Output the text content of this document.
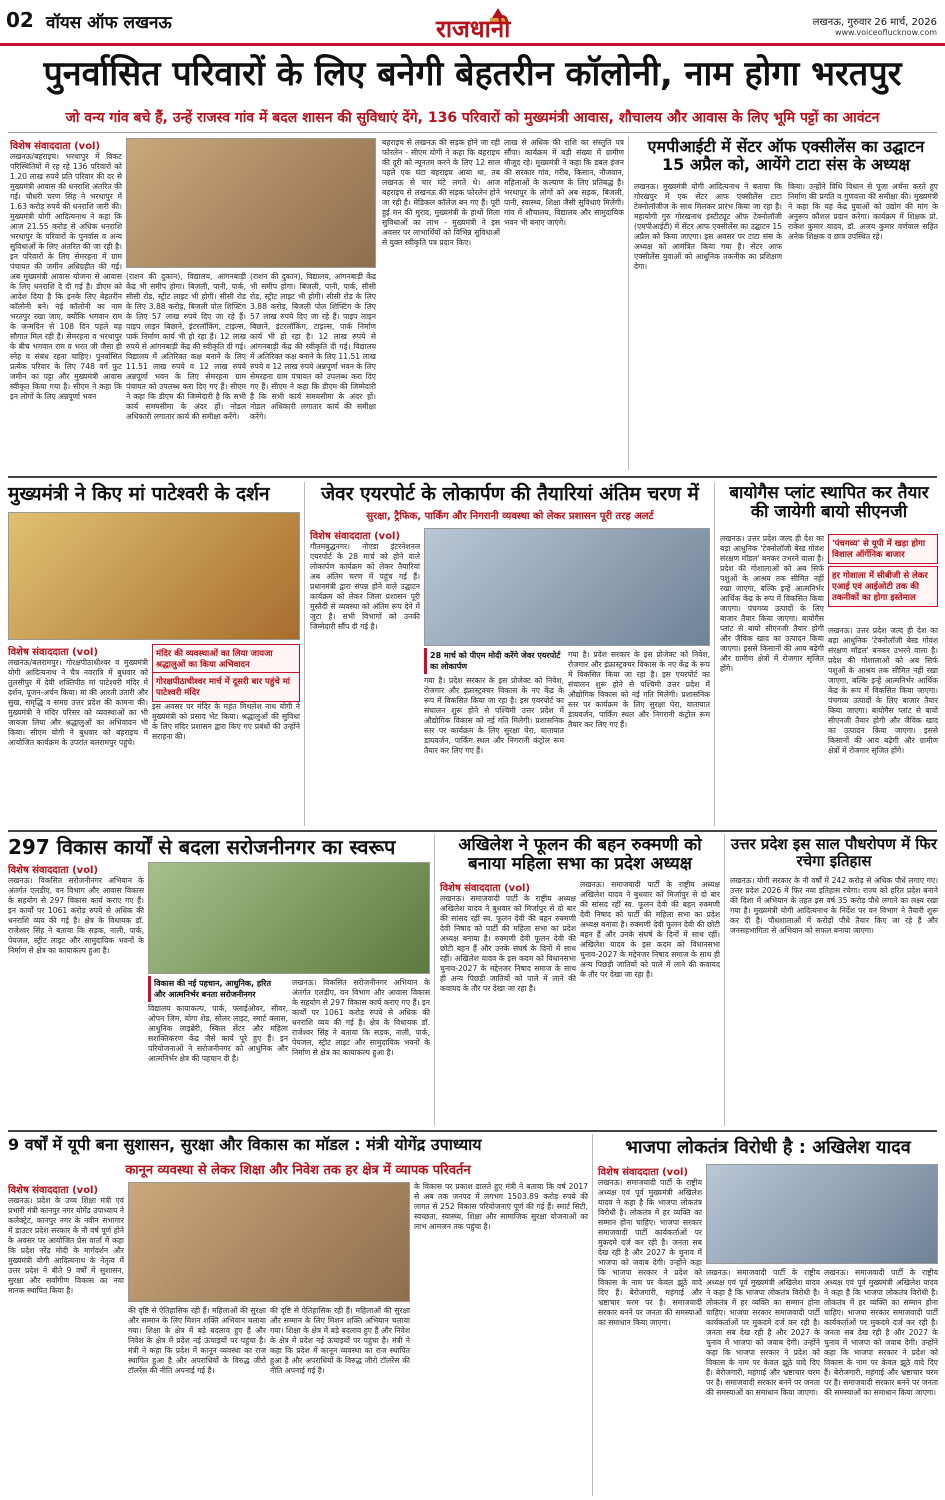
02 वॉयस ऑफ लखनऊ	राजधानी	लखनऊ, गुरुवार 26 मार्च, 2026
www.voiceoflucknow.com
पुनर्वासित परिवारों के लिए बनेगी बेहतरीन कॉलोनी, नाम होगा भरतपुर
जो वन्य गांव बचे हैं, उन्हें राजस्व गांव में बदल शासन की सुविधाएं देंगे, 136 परिवारों को मुख्यमंत्री आवास, शौचालय और आवास के लिए भूमि पट्टों का आवंटन
विशेष संवाददाता (vol)
लखनऊ/बहराइच। भरथापुर में विकट परिस्थितियों में रह रहे 136 परिवारों को 1.20 लाख रुपये प्रति परिवार की दर से मुख्यमंत्री आवास की धनराशि अंतरित की गई। चौधरी चरण सिंह ने भरथापुर में 1.63 करोड़ रुपये की धनराशि जारी की। मुख्यमंत्री योगी आदित्यनाथ ने कहा कि आज 21.55 करोड़ से अधिक धनराशि भरथापुर के परिवारों के पुनर्वास व अन्य सुविधाओं के लिए अंतरित की जा रही है। इन परिवारों के लिए सेमरहना में ग्राम पंचायत की जमीन अधिग्रहीत की गई। अब मुख्यमंत्री आवास योजना से आवास के लिए धनराशि दे दी गई है। डीएम को आदेश दिया है कि इनके लिए बेहतरीन कॉलोनी बने। नई कॉलोनी का नाम भरतपुर रखा जाए, क्योंकि भगवान राम के जन्मदिन से 108 दिन पहले यह सौगात मिल रही है। सेमरहना व भरथापुर के बीच भगवान राम व भरत जी जैसा ही स्नेह व संबंध रहना चाहिए। पुनर्वासित प्रत्येक परिवार के लिए 748 वर्ग फुट जमीन का पट्टा और मुख्यमंत्री आवास स्वीकृत किया गया है। सीएम ने कहा कि इन लोगों के लिए अन्नपूर्णा भवन
(राशन की दुकान), विद्यालय, आंगनबाड़ी केंद्र भी समीप होगा। बिजली, पानी, पार्क, सीसी रोड, स्ट्रीट लाइट भी होगी। सीसी रोड के लिए 3.88 करोड़, बिजली पोल शिफ्टिंग के लिए 57 लाख रुपये दिए जा रहे हैं। पाइप लाइन बिछाने, इंटरलॉकिंग, टाइल्स, पार्क निर्माण कार्य भी हो रहा है। 12 लाख रुपये से आंगनबाड़ी केंद्र की स्वीकृति दी गई। विद्यालय में अतिरिक्त कक्ष बनाने के लिए 11.51 लाख रुपये व 12 लाख रुपये अन्नपूर्णा भवन के लिए सेमरहना ग्राम पंचायत को उपलब्ध करा दिए गए हैं। सीएम ने कहा कि डीएम की जिम्मेदारी है कि सभी कार्य समयसीमा के अंदर हों। नोडल अधिकारी लगातार कार्य की समीक्षा करेंगे।
(राशन की दुकान), विद्यालय, आंगनबाड़ी केंद्र भी समीप होगा। बिजली, पानी, पार्क, सीसी रोड, स्ट्रीट लाइट भी होगी। सीसी रोड के लिए 3.88 करोड़, बिजली पोल शिफ्टिंग के लिए 57 लाख रुपये दिए जा रहे हैं। पाइप लाइन बिछाने, इंटरलॉकिंग, टाइल्स, पार्क निर्माण कार्य भी हो रहा है। 12 लाख रुपये से आंगनबाड़ी केंद्र की स्वीकृति दी गई। विद्यालय में अतिरिक्त कक्ष बनाने के लिए 11.51 लाख रुपये व 12 लाख रुपये अन्नपूर्णा भवन के लिए सेमरहना ग्राम पंचायत को उपलब्ध करा दिए गए हैं। सीएम ने कहा कि डीएम की जिम्मेदारी है कि सभी कार्य समयसीमा के अंदर हों। नोडल अधिकारी लगातार कार्य की समीक्षा करेंगे।
बहराइच से लखनऊ की सड़क होने जा रही फोरलेन - सीएम योगी ने कहा कि बहराइच की दूरी को न्यूनतम करने के लिए 12 साल पहले एक घंटा बहराइच आया था, तब लखनऊ से चार घंटे लगते थे। आज बहराइच से लखनऊ की सड़क फोरलेन होने जा रही है। मेडिकल कॉलेज बन गए हैं। पूरी हुई मन की मुराद, मुख्यमंत्री के हाथों मिला सुविधाओं का लाभ - मुख्यमंत्री ने इस अवसर पर लाभार्थियों को विभिन्न सुविधाओं से युक्त स्वीकृति पत्र प्रदान किए।
लाख से अधिक की राशि का संस्तुति पत्र सौंपा। कार्यक्रम में बड़ी संख्या में ग्रामीण मौजूद रहे। मुख्यमंत्री ने कहा कि डबल इंजन की सरकार गांव, गरीब, किसान, नौजवान, महिलाओं के कल्याण के लिए प्रतिबद्ध है। भरथापुर के लोगों को अब सड़क, बिजली, पानी, स्वास्थ्य, शिक्षा जैसी सुविधाएं मिलेंगी। गांव में शौचालय, विद्यालय और सामुदायिक भवन भी बनाए जाएंगे।
एमपीआईटी में सेंटर ऑफ एक्सीलेंस का उद्घाटन 15 अप्रैल को, आयेंगे टाटा संस के अध्यक्ष
लखनऊ। मुख्यमंत्री योगी आदित्यनाथ ने बताया कि गोरखपुर में एक सेंटर आफ एक्सीलेंस टाटा टेक्नोलॉजीज के साथ मिलकर प्रारंभ किया जा रहा है। महायोगी गुरु गोरखनाथ इंस्टीट्यूट ऑफ टेक्नोलॉजी (एमपीआईटी) में सेंटर आफ एक्सीलेंस का उद्घाटन 15 अप्रैल को किया जाएगा। इस अवसर पर टाटा संस के अध्यक्ष को आमंत्रित किया गया है। सेंटर आफ एक्सीलेंस युवाओं को आधुनिक तकनीक का प्रशिक्षण देगा।
किया। उन्होंने विधि विधान से पूजा अर्चना करते हुए निर्माण की प्रगति व गुणवत्ता की समीक्षा की। मुख्यमंत्री ने कहा कि यह केंद्र युवाओं को उद्योग की मांग के अनुरूप कौशल प्रदान करेगा। कार्यक्रम में शिक्षक प्रो. राकेश कुमार यादव, डॉ. अजय कुमार वर्णवाल सहित अनेक शिक्षक व छात्र उपस्थित रहे।
मुख्यमंत्री ने किए मां पाटेश्वरी के दर्शन
विशेष संवाददाता (vol)
लखनऊ/बलरामपुर। गोरक्षपीठाधीश्वर व मुख्यमंत्री योगी आदित्यनाथ ने चैत्र नवरात्रि में बुधवार को तुलसीपुर में देवी शक्तिपीठ मां पाटेश्वरी मंदिर में दर्शन, पूजन-अर्चन किया। मां की आरती उतारी और सुख, समृद्धि व समग्र उत्तर प्रदेश की कामना की। मुख्यमंत्री ने मंदिर परिसर को व्यवस्थाओं का भी जायजा लिया और श्रद्धालुओं का अभिवादन भी किया। सीएम योगी ने बुधवार को बहराइच में आयोजित कार्यक्रम के उपरांत बलरामपुर पहुंचे।
मंदिर की व्यवस्थाओं का लिया जायजा श्रद्धालुओं का किया अभिवादन
गोरक्षपीठाधीश्वर मार्च में दूसरी बार पहुंचे मां पाटेश्वरी मंदिर
इस अवसर पर मंदिर के महंत मिथलेश नाथ योगी ने मुख्यमंत्री को प्रसाद भेंट किया। श्रद्धालुओं की सुविधा के लिए मंदिर प्रशासन द्वारा किए गए प्रबंधों की उन्होंने सराहना की।
जेवर एयरपोर्ट के लोकार्पण की तैयारियां अंतिम चरण में
सुरक्षा, ट्रैफिक, पार्किंग और निगरानी व्यवस्था को लेकर प्रशासन पूरी तरह अलर्ट
विशेष संवाददाता (vol)
गौतमबुद्धनगर। नोएडा इंटरनेशनल एयरपोर्ट के 28 मार्च को होने वाले लोकार्पण कार्यक्रम को लेकर तैयारियां अब अंतिम चरण में पहुंच गई हैं। प्रधानमंत्री द्वारा संपन्न होने वाले उद्घाटन कार्यक्रम को लेकर जिला प्रशासन पूरी मुस्तैदी से व्यवस्था को अंतिम रूप देने में जुटा है। सभी विभागों को उनकी जिम्मेदारी सौंप दी गई है।
28 मार्च को पीएम मोदी करेंगे जेवर एयरपोर्ट का लोकार्पण
गया है। प्रदेश सरकार के इस प्रोजेक्ट को निवेश, रोजगार और इंफ्रास्ट्रक्चर विकास के नए केंद्र के रूप में विकसित किया जा रहा है। इस एयरपोर्ट का संचालन शुरू होने से पश्चिमी उत्तर प्रदेश में औद्योगिक विकास को नई गति मिलेगी। प्रशासनिक स्तर पर कार्यक्रम के लिए सुरक्षा घेरा, यातायात डायवर्जन, पार्किंग स्थल और निगरानी कंट्रोल रूम तैयार कर लिए गए हैं।
गया है। प्रदेश सरकार के इस प्रोजेक्ट को निवेश, रोजगार और इंफ्रास्ट्रक्चर विकास के नए केंद्र के रूप में विकसित किया जा रहा है। इस एयरपोर्ट का संचालन शुरू होने से पश्चिमी उत्तर प्रदेश में औद्योगिक विकास को नई गति मिलेगी। प्रशासनिक स्तर पर कार्यक्रम के लिए सुरक्षा घेरा, यातायात डायवर्जन, पार्किंग स्थल और निगरानी कंट्रोल रूम तैयार कर लिए गए हैं।
बायोगैस प्लांट स्थापित कर तैयार की जायेगी बायो सीएनजी
लखनऊ। उत्तर प्रदेश जल्द ही देश का बड़ा आधुनिक 'टेक्नोलॉजी बेस्ड गोवंश संरक्षण मॉडल' बनकर उभरने वाला है। प्रदेश की गोशालाओं को अब सिर्फ पशुओं के आश्रय तक सीमित नहीं रखा जाएगा, बल्कि इन्हें आत्मनिर्भर आर्थिक केंद्र के रूप में विकसित किया जाएगा। पंचगव्य उत्पादों के लिए बाजार तैयार किया जाएगा। बायोगैस प्लांट से बायो सीएनजी तैयार होगी और जैविक खाद का उत्पादन किया जाएगा। इससे किसानों की आय बढ़ेगी और ग्रामीण क्षेत्रों में रोजगार सृजित होंगे।
'पंचगव्य' से यूपी में खड़ा होगा विशाल ऑर्गेनिक बाजार
हर गोशाला में सीबीजी से लेकर एआई एवं आईओटी तक की तकनीकों का होगा इस्तेमाल
लखनऊ। उत्तर प्रदेश जल्द ही देश का बड़ा आधुनिक 'टेक्नोलॉजी बेस्ड गोवंश संरक्षण मॉडल' बनकर उभरने वाला है। प्रदेश की गोशालाओं को अब सिर्फ पशुओं के आश्रय तक सीमित नहीं रखा जाएगा, बल्कि इन्हें आत्मनिर्भर आर्थिक केंद्र के रूप में विकसित किया जाएगा। पंचगव्य उत्पादों के लिए बाजार तैयार किया जाएगा। बायोगैस प्लांट से बायो सीएनजी तैयार होगी और जैविक खाद का उत्पादन किया जाएगा। इससे किसानों की आय बढ़ेगी और ग्रामीण क्षेत्रों में रोजगार सृजित होंगे।
297 विकास कार्यों से बदला सरोजनीनगर का स्वरूप
विशेष संवाददाता (vol)
लखनऊ। विकसित सरोजनीनगर अभियान के अंतर्गत एलडीए, वन विभाग और आवास विकास के सहयोग से 297 विकास कार्य कराए गए हैं। इन कार्यों पर 1061 करोड़ रुपये से अधिक की धनराशि व्यय की गई है। क्षेत्र के विधायक डॉ. राजेश्वर सिंह ने बताया कि सड़क, नाली, पार्क, पेयजल, स्ट्रीट लाइट और सामुदायिक भवनों के निर्माण से क्षेत्र का कायाकल्प हुआ है।
विकास की नई पहचान, आधुनिक, हरित और आत्मनिर्भर बनता सरोजनीनगर
विद्यालय कायाकल्प, पार्क, फ्लाईओवर, सीवर, ओपन जिम, योगा शेड, सोलर लाइट, स्मार्ट क्लास, आधुनिक लाइब्रेरी, स्किल सेंटर और महिला सशक्तिकरण केंद्र जैसे कार्य पूरे हुए हैं। इन परियोजनाओं ने सरोजनीनगर को आधुनिक और आत्मनिर्भर क्षेत्र की पहचान दी है।
लखनऊ। विकसित सरोजनीनगर अभियान के अंतर्गत एलडीए, वन विभाग और आवास विकास के सहयोग से 297 विकास कार्य कराए गए हैं। इन कार्यों पर 1061 करोड़ रुपये से अधिक की धनराशि व्यय की गई है। क्षेत्र के विधायक डॉ. राजेश्वर सिंह ने बताया कि सड़क, नाली, पार्क, पेयजल, स्ट्रीट लाइट और सामुदायिक भवनों के निर्माण से क्षेत्र का कायाकल्प हुआ है।
अखिलेश ने फूलन की बहन रुक्मणी को बनाया महिला सभा का प्रदेश अध्यक्ष
विशेष संवाददाता (vol)
लखनऊ। समाजवादी पार्टी के राष्ट्रीय अध्यक्ष अखिलेश यादव ने बुधवार को मिर्जापुर से दो बार की सांसद रहीं स्व. फूलन देवी की बहन रुक्मणी देवी निषाद को पार्टी की महिला सभा का प्रदेश अध्यक्ष बनाया है। रुक्मणी देवी फूलन देवी की छोटी बहन हैं और उनके संघर्ष के दिनों में साथ रहीं। अखिलेश यादव के इस कदम को विधानसभा चुनाव-2027 के मद्देनजर निषाद समाज के साथ ही अन्य पिछड़ी जातियों को पाले में लाने की कवायद के तौर पर देखा जा रहा है।
लखनऊ। समाजवादी पार्टी के राष्ट्रीय अध्यक्ष अखिलेश यादव ने बुधवार को मिर्जापुर से दो बार की सांसद रहीं स्व. फूलन देवी की बहन रुक्मणी देवी निषाद को पार्टी की महिला सभा का प्रदेश अध्यक्ष बनाया है। रुक्मणी देवी फूलन देवी की छोटी बहन हैं और उनके संघर्ष के दिनों में साथ रहीं। अखिलेश यादव के इस कदम को विधानसभा चुनाव-2027 के मद्देनजर निषाद समाज के साथ ही अन्य पिछड़ी जातियों को पाले में लाने की कवायद के तौर पर देखा जा रहा है।
उत्तर प्रदेश इस साल पौधरोपण में फिर रचेगा इतिहास
लखनऊ। योगी सरकार के नौ वर्षों में 242 करोड़ से अधिक पौधे लगाए गए। उत्तर प्रदेश 2026 में फिर नया इतिहास रचेगा। राज्य को हरित प्रदेश बनाने की दिशा में अभियान के तहत इस वर्ष 35 करोड़ पौधे लगाने का लक्ष्य रखा गया है। मुख्यमंत्री योगी आदित्यनाथ के निर्देश पर वन विभाग ने तैयारी शुरू कर दी है। पौधशालाओं में करोड़ों पौधे तैयार किए जा रहे हैं और जनसहभागिता से अभियान को सफल बनाया जाएगा।
9 वर्षों में यूपी बना सुशासन, सुरक्षा और विकास का मॉडल : मंत्री योगेंद्र उपाध्याय
कानून व्यवस्था से लेकर शिक्षा और निवेश तक हर क्षेत्र में व्यापक परिवर्तन
विशेष संवाददाता (vol)
लखनऊ। प्रदेश के उच्च शिक्षा मंत्री एवं प्रभारी मंत्री कानपुर नगर योगेंद्र उपाध्याय ने कलेक्ट्रेट, कानपुर नगर के नवीन सभागार में डाउटर प्रदेश सरकार के नौ वर्ष पूर्ण होने के अवसर पर आयोजित प्रेस वार्ता में कहा कि प्रदेश नरेंद्र मोदी के मार्गदर्शन और मुख्यमंत्री योगी आदित्यनाथ के नेतृत्व में उत्तर प्रदेश ने बीते 9 वर्षों में सुशासन, सुरक्षा और सर्वांगीण विकास का नया मानक स्थापित किया है।
की दृष्टि से ऐतिहासिक रही हैं। महिलाओं की सुरक्षा और सम्मान के लिए मिशन शक्ति अभियान चलाया गया। शिक्षा के क्षेत्र में बड़े बदलाव हुए हैं और निवेश के क्षेत्र में प्रदेश नई ऊंचाइयों पर पहुंचा है। मंत्री ने कहा कि प्रदेश में कानून व्यवस्था का राज स्थापित हुआ है और अपराधियों के विरुद्ध जीरो टॉलरेंस की नीति अपनाई गई है।
की दृष्टि से ऐतिहासिक रही हैं। महिलाओं की सुरक्षा और सम्मान के लिए मिशन शक्ति अभियान चलाया गया। शिक्षा के क्षेत्र में बड़े बदलाव हुए हैं और निवेश के क्षेत्र में प्रदेश नई ऊंचाइयों पर पहुंचा है। मंत्री ने कहा कि प्रदेश में कानून व्यवस्था का राज स्थापित हुआ है और अपराधियों के विरुद्ध जीरो टॉलरेंस की नीति अपनाई गई है।
के विकास पर प्रकाश डालते हुए मंत्री ने बताया कि वर्ष 2017 से अब तक जनपद में लगभग 1503.89 करोड़ रुपये की लागत से 252 विकास परियोजनाएं पूर्ण की गई हैं। स्मार्ट सिटी, स्वच्छता, स्वास्थ्य, शिक्षा और सामाजिक सुरक्षा योजनाओं का लाभ आमजन तक पहुंचा है।
भाजपा लोकतंत्र विरोधी है : अखिलेश यादव
विशेष संवाददाता (vol)
लखनऊ। समाजवादी पार्टी के राष्ट्रीय अध्यक्ष एवं पूर्व मुख्यमंत्री अखिलेश यादव ने कहा है कि भाजपा लोकतंत्र विरोधी है। लोकतंत्र में हर व्यक्ति का सम्मान होना चाहिए। भाजपा सरकार समाजवादी पार्टी कार्यकर्ताओं पर मुकदमे दर्ज कर रही है। जनता सब देख रही है और 2027 के चुनाव में भाजपा को जवाब देगी। उन्होंने कहा कि भाजपा सरकार ने प्रदेश को विकास के नाम पर केवल झूठे वादे दिए हैं। बेरोजगारी, महंगाई और भ्रष्टाचार चरम पर है। समाजवादी सरकार बनने पर जनता की समस्याओं का समाधान किया जाएगा।
लखनऊ। समाजवादी पार्टी के राष्ट्रीय अध्यक्ष एवं पूर्व मुख्यमंत्री अखिलेश यादव ने कहा है कि भाजपा लोकतंत्र विरोधी है। लोकतंत्र में हर व्यक्ति का सम्मान होना चाहिए। भाजपा सरकार समाजवादी पार्टी कार्यकर्ताओं पर मुकदमे दर्ज कर रही है। जनता सब देख रही है और 2027 के चुनाव में भाजपा को जवाब देगी। उन्होंने कहा कि भाजपा सरकार ने प्रदेश को विकास के नाम पर केवल झूठे वादे दिए हैं। बेरोजगारी, महंगाई और भ्रष्टाचार चरम पर है। समाजवादी सरकार बनने पर जनता की समस्याओं का समाधान किया जाएगा।
लखनऊ। समाजवादी पार्टी के राष्ट्रीय अध्यक्ष एवं पूर्व मुख्यमंत्री अखिलेश यादव ने कहा है कि भाजपा लोकतंत्र विरोधी है। लोकतंत्र में हर व्यक्ति का सम्मान होना चाहिए। भाजपा सरकार समाजवादी पार्टी कार्यकर्ताओं पर मुकदमे दर्ज कर रही है। जनता सब देख रही है और 2027 के चुनाव में भाजपा को जवाब देगी। उन्होंने कहा कि भाजपा सरकार ने प्रदेश को विकास के नाम पर केवल झूठे वादे दिए हैं। बेरोजगारी, महंगाई और भ्रष्टाचार चरम पर है। समाजवादी सरकार बनने पर जनता की समस्याओं का समाधान किया जाएगा।
